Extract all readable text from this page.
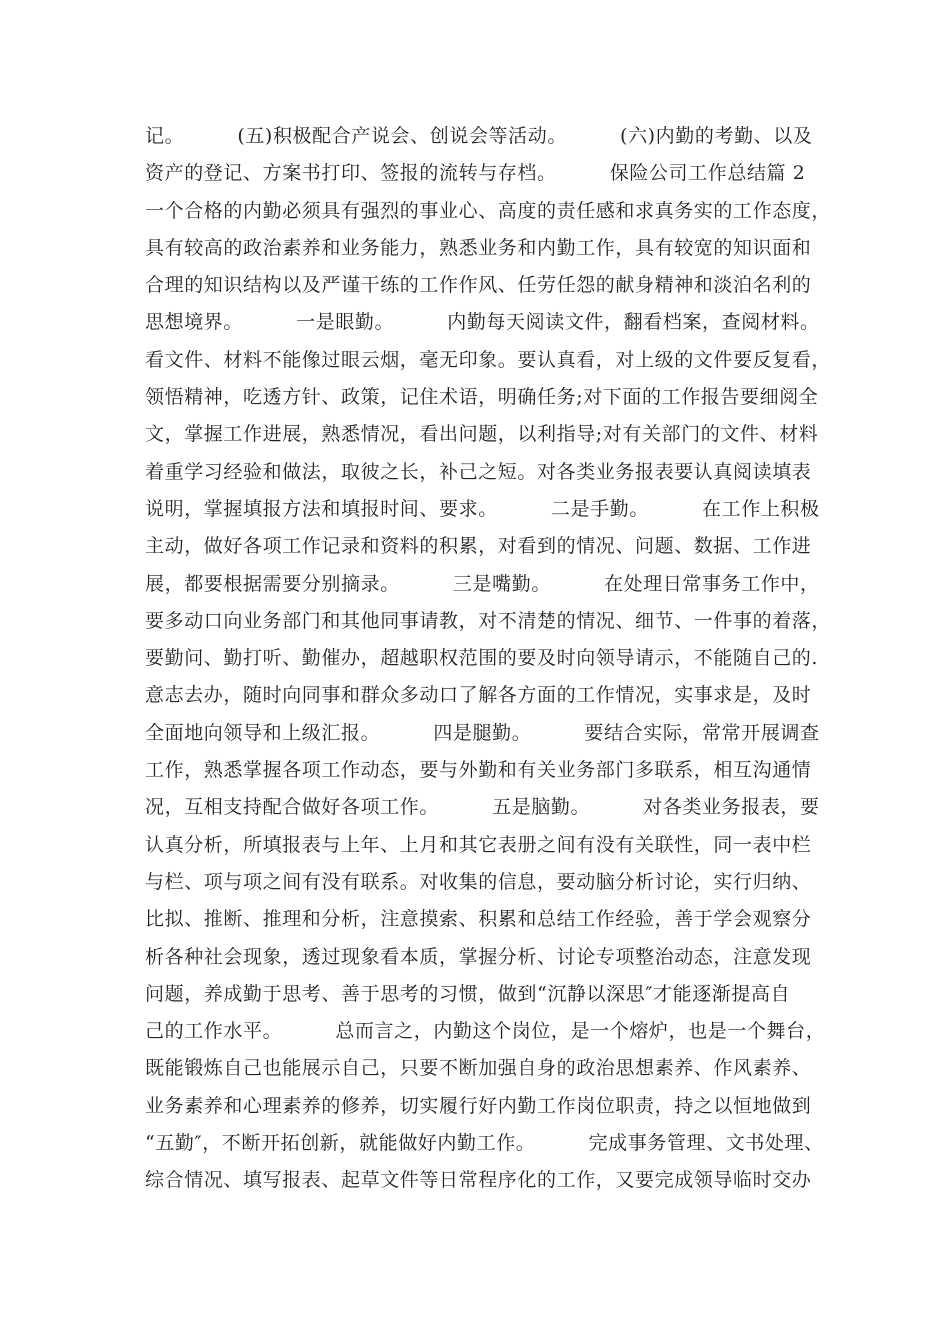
记。        (五)积极配合产说会、创说会等活动。        (六)内勤的考勤、以及
资产的登记、方案书打印、签报的流转与存档。        保险公司工作总结篇 2
一个合格的内勤必须具有强烈的事业心、高度的责任感和求真务实的工作态度，
具有较高的政治素养和业务能力，熟悉业务和内勤工作，具有较宽的知识面和
合理的知识结构以及严谨干练的工作作风、任劳任怨的献身精神和淡泊名利的
思想境界。        一是眼勤。        内勤每天阅读文件，翻看档案，查阅材料。
看文件、材料不能像过眼云烟，毫无印象。要认真看，对上级的文件要反复看，
领悟精神，吃透方针、政策，记住术语，明确任务;对下面的工作报告要细阅全
文，掌握工作进展，熟悉情况，看出问题，以利指导;对有关部门的文件、材料
着重学习经验和做法，取彼之长，补己之短。对各类业务报表要认真阅读填表
说明，掌握填报方法和填报时间、要求。        二是手勤。        在工作上积极
主动，做好各项工作记录和资料的积累，对看到的情况、问题、数据、工作进
展，都要根据需要分别摘录。        三是嘴勤。        在处理日常事务工作中，
要多动口向业务部门和其他同事请教，对不清楚的情况、细节、一件事的着落，
要勤问、勤打听、勤催办，超越职权范围的要及时向领导请示，不能随自己的.
意志去办，随时向同事和群众多动口了解各方面的工作情况，实事求是，及时
全面地向领导和上级汇报。        四是腿勤。        要结合实际，常常开展调查
工作，熟悉掌握各项工作动态，要与外勤和有关业务部门多联系，相互沟通情
况，互相支持配合做好各项工作。        五是脑勤。        对各类业务报表，要
认真分析，所填报表与上年、上月和其它表册之间有没有关联性，同一表中栏
与栏、项与项之间有没有联系。对收集的信息，要动脑分析讨论，实行归纳、
比拟、推断、推理和分析，注意摸索、积累和总结工作经验，善于学会观察分
析各种社会现象，透过现象看本质，掌握分析、讨论专项整治动态，注意发现
问题，养成勤于思考、善于思考的习惯，做到“沉静以深思″才能逐渐提高自
己的工作水平。        总而言之，内勤这个岗位，是一个熔炉，也是一个舞台，
既能锻炼自己也能展示自己，只要不断加强自身的政治思想素养、作风素养、
业务素养和心理素养的修养，切实履行好内勤工作岗位职责，持之以恒地做到
“五勤″，不断开拓创新，就能做好内勤工作。        完成事务管理、文书处理、
综合情况、填写报表、起草文件等日常程序化的工作，又要完成领导临时交办
